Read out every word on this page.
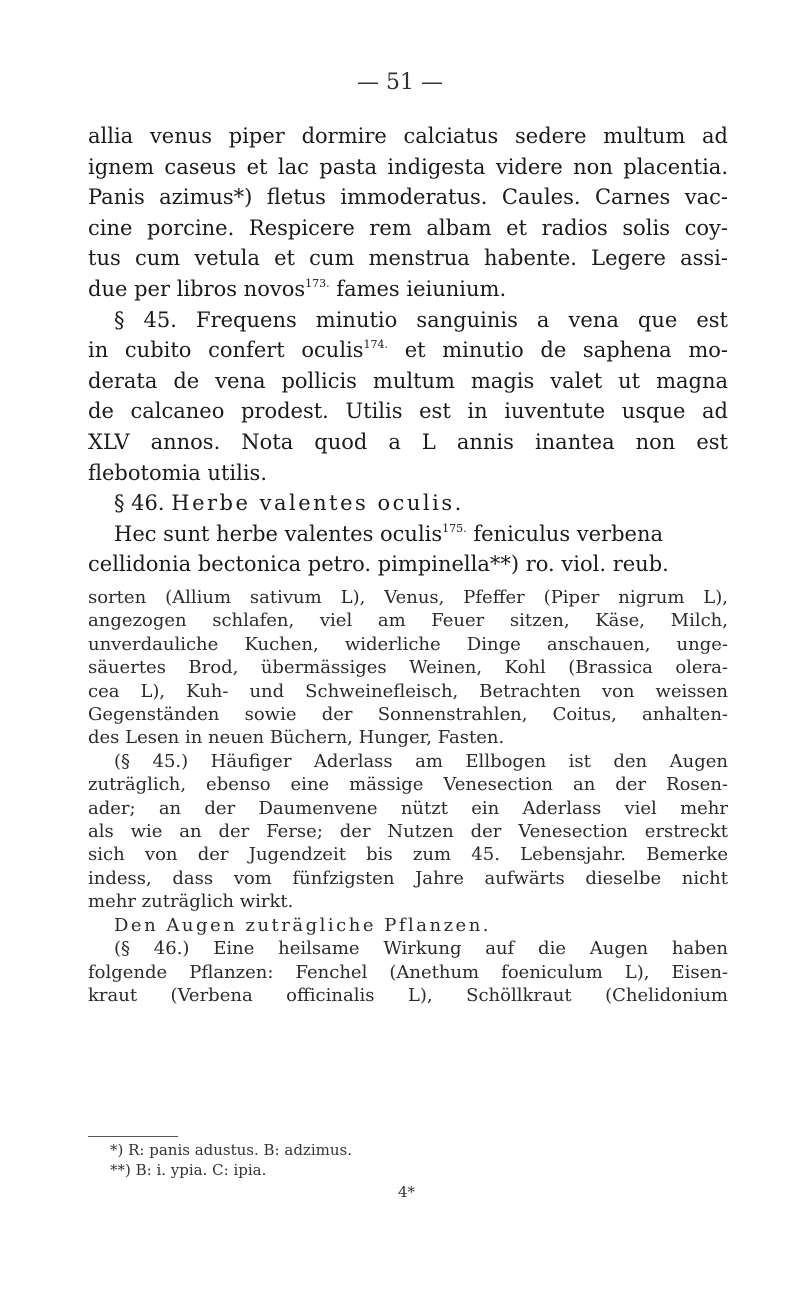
— 51 —
allia venus piper dormire calciatus sedere multum ad
ignem caseus et lac pasta indigesta videre non placentia.
Panis azimus*) fletus immoderatus. Caules. Carnes vac-
cine porcine. Respicere rem albam et radios solis coy-
tus cum vetula et cum menstrua habente. Legere assi-
due per libros novos$^{173.}$ fames ieiunium.
§ 45. Frequens minutio sanguinis a vena que est
in cubito confert oculis$^{174.}$ et minutio de saphena mo-
derata de vena pollicis multum magis valet ut magna
de calcaneo prodest. Utilis est in iuventute usque ad
XLV annos. Nota quod a L annis inantea non est
flebotomia utilis.
§ 46. Herbe valentes oculis.
Hec sunt herbe valentes oculis$^{175.}$ feniculus verbena
cellidonia bectonica petro. pimpinella**) ro. viol. reub.
sorten (Allium sativum L), Venus, Pfeffer (Piper nigrum L),
angezogen schlafen, viel am Feuer sitzen, Käse, Milch,
unverdauliche Kuchen, widerliche Dinge anschauen, unge-
säuertes Brod, übermässiges Weinen, Kohl (Brassica olera-
cea L), Kuh- und Schweinefleisch, Betrachten von weissen
Gegenständen sowie der Sonnenstrahlen, Coitus, anhalten-
des Lesen in neuen Büchern, Hunger, Fasten.
(§ 45.) Häufiger Aderlass am Ellbogen ist den Augen
zuträglich, ebenso eine mässige Venesection an der Rosen-
ader; an der Daumenvene nützt ein Aderlass viel mehr
als wie an der Ferse; der Nutzen der Venesection erstreckt
sich von der Jugendzeit bis zum 45. Lebensjahr. Bemerke
indess, dass vom fünfzigsten Jahre aufwärts dieselbe nicht
mehr zuträglich wirkt.
Den Augen zuträgliche Pflanzen.
(§ 46.) Eine heilsame Wirkung auf die Augen haben
folgende Pflanzen: Fenchel (Anethum foeniculum L), Eisen-
kraut (Verbena officinalis L), Schöllkraut (Chelidonium
*) R: panis adustus. B: adzimus.
**) B: i. ypia. C: ipia.
4*
